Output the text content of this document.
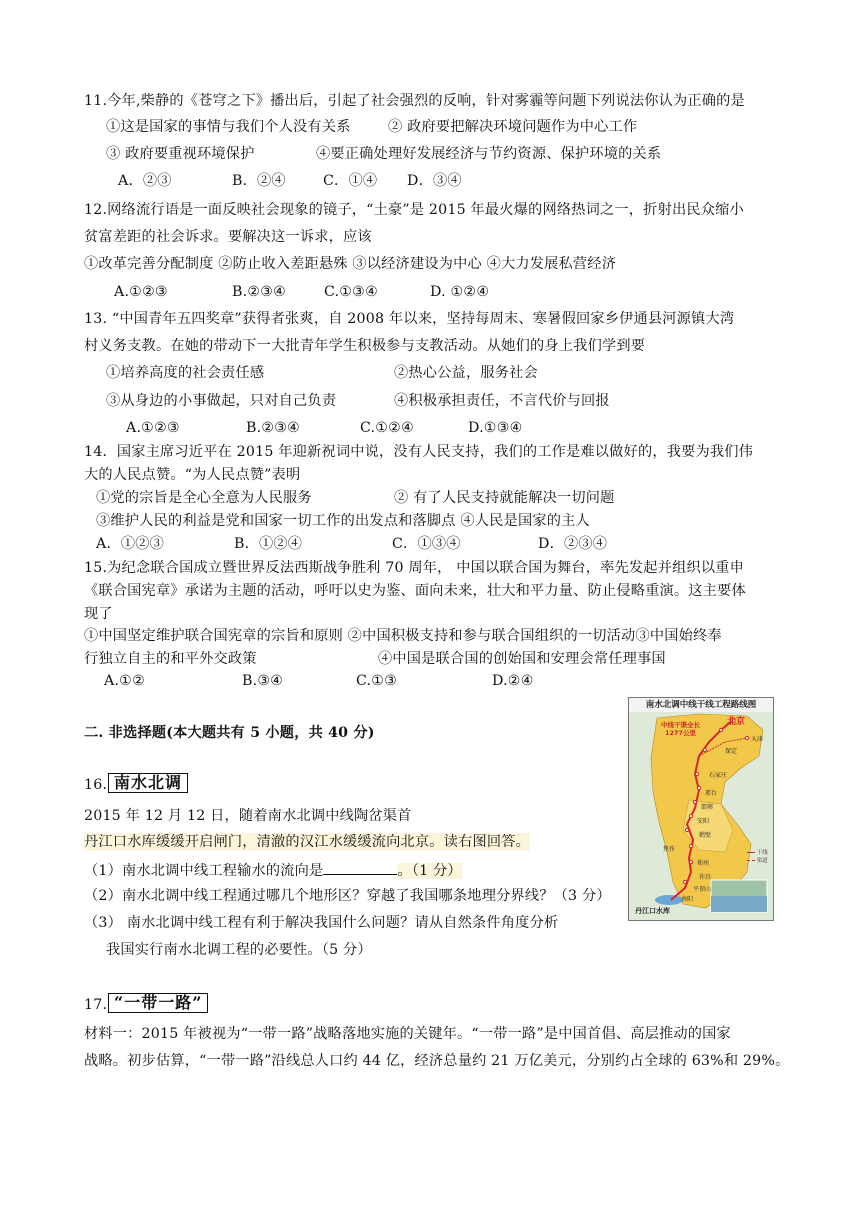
11.今年,柴静的《苍穹之下》播出后，引起了社会强烈的反响，针对雾霾等问题下列说法你认为正确的是
①这是国家的事情与我们个人没有关系	② 政府要把解决环境问题作为中心工作
③ 政府要重视环境保护	④要正确处理好发展经济与节约资源、保护环境的关系
A．②③	B．②④	C．①④ D．③④
12.网络流行语是一面反映社会现象的镜子，“土豪”是 2015 年最火爆的网络热词之一，折射出民众缩小
贫富差距的社会诉求。要解决这一诉求，应该
①改革完善分配制度 ②防止收入差距悬殊 ③以经济建设为中心 ④大力发展私营经济
A.①②③	B.②③④	C.①③④	D. ①②④
13. “中国青年五四奖章”获得者张爽，自 2008 年以来，坚持每周末、寒暑假回家乡伊通县河源镇大湾
村义务支教。在她的带动下一大批青年学生积极参与支教活动。从她们的身上我们学到要
①培养高度的社会责任感	②热心公益，服务社会
③从身边的小事做起，只对自己负责	④积极承担责任，不言代价与回报
A.①②③	B.②③④	C.①②④	D.①③④
14．国家主席习近平在 2015 年迎新祝词中说，没有人民支持，我们的工作是难以做好的，我要为我们伟
大的人民点赞。“为人民点赞”表明
①党的宗旨是全心全意为人民服务	② 有了人民支持就能解决一切问题
③维护人民的利益是党和国家一切工作的出发点和落脚点 ④人民是国家的主人
A．①②③	B．①②④	C．①③④	D．②③④
15.为纪念联合国成立暨世界反法西斯战争胜利 70 周年， 中国以联合国为舞台，率先发起并组织以重申
《联合国宪章》承诺为主题的活动，呼吁以史为鉴、面向未来，壮大和平力量、防止侵略重演。这主要体
现了
①中国坚定维护联合国宪章的宗旨和原则 ②中国积极支持和参与联合国组织的一切活动③中国始终奉
行独立自主的和平外交政策	④中国是联合国的创始国和安理会常任理事国
A.①②	B.③④	C.①③	D.②④
二. 非选择题(本大题共有 5 小题，共 40 分)
16. 南水北调
2015 年 12 月 12 日，随着南水北调中线陶岔渠首
丹江口水库缓缓开启闸门，清澈的汉江水缓缓流向北京。读右图回答。
（1）南水北调中线工程输水的流向是	。（1 分）
（2）南水北调中线工程通过哪几个地形区？穿越了我国哪条地理分界线？（3 分）
（3） 南水北调中线工程有利于解决我国什么问题？请从自然条件角度分析
我国实行南水北调工程的必要性。（5 分）
南水北调中线干线工程路线图
北京
中线干渠全长
1277公里
天津
保定
石家庄
邢台
邯郸
安阳
鹤壁
焦作
郑州
许昌
平顶山
南阳
丹江口水库
干线
渠道
17. “一带一路”
材料一：2015 年被视为“一带一路”战略落地实施的关键年。“一带一路”是中国首倡、高层推动的国家
战略。初步估算，“一带一路”沿线总人口约 44 亿，经济总量约 21 万亿美元，分别约占全球的 63%和 29%。
